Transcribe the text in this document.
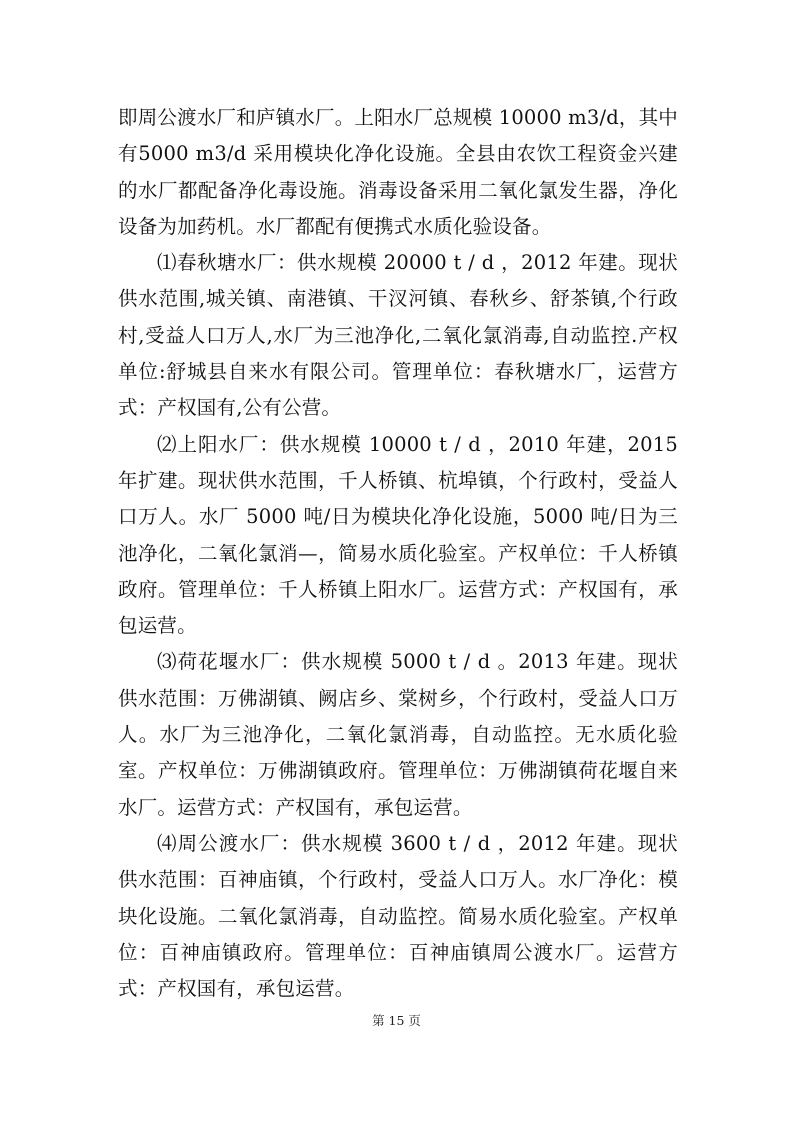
即周公渡水厂和庐镇水厂。上阳水厂总规模 10000 m3/d，其中有5000 m3/d 采用模块化净化设施。全县由农饮工程资金兴建的水厂都配备净化毒设施。消毒设备采用二氧化氯发生器，净化设备为加药机。水厂都配有便携式水质化验设备。

⑴春秋塘水厂：供水规模 20000 t / d ，2012 年建。现状供水范围,城关镇、南港镇、干汊河镇、春秋乡、舒茶镇,个行政村,受益人口万人,水厂为三池净化,二氧化氯消毒,自动监控.产权单位:舒城县自来水有限公司。管理单位：春秋塘水厂，运营方式：产权国有,公有公营。

⑵上阳水厂：供水规模 10000 t / d ，2010 年建，2015 年扩建。现状供水范围，千人桥镇、杭埠镇，个行政村，受益人口万人。水厂 5000 吨/日为模块化净化设施，5000 吨/日为三池净化，二氧化氯消—，简易水质化验室。产权单位：千人桥镇政府。管理单位：千人桥镇上阳水厂。运营方式：产权国有，承包运营。

⑶荷花堰水厂：供水规模 5000 t / d 。2013 年建。现状供水范围：万佛湖镇、阙店乡、棠树乡，个行政村，受益人口万人。水厂为三池净化，二氧化氯消毒，自动监控。无水质化验室。产权单位：万佛湖镇政府。管理单位：万佛湖镇荷花堰自来水厂。运营方式：产权国有，承包运营。

⑷周公渡水厂：供水规模 3600 t / d ，2012 年建。现状供水范围：百神庙镇，个行政村，受益人口万人。水厂净化：模块化设施。二氧化氯消毒，自动监控。简易水质化验室。产权单位：百神庙镇政府。管理单位：百神庙镇周公渡水厂。运营方式：产权国有，承包运营。

第 15 页
